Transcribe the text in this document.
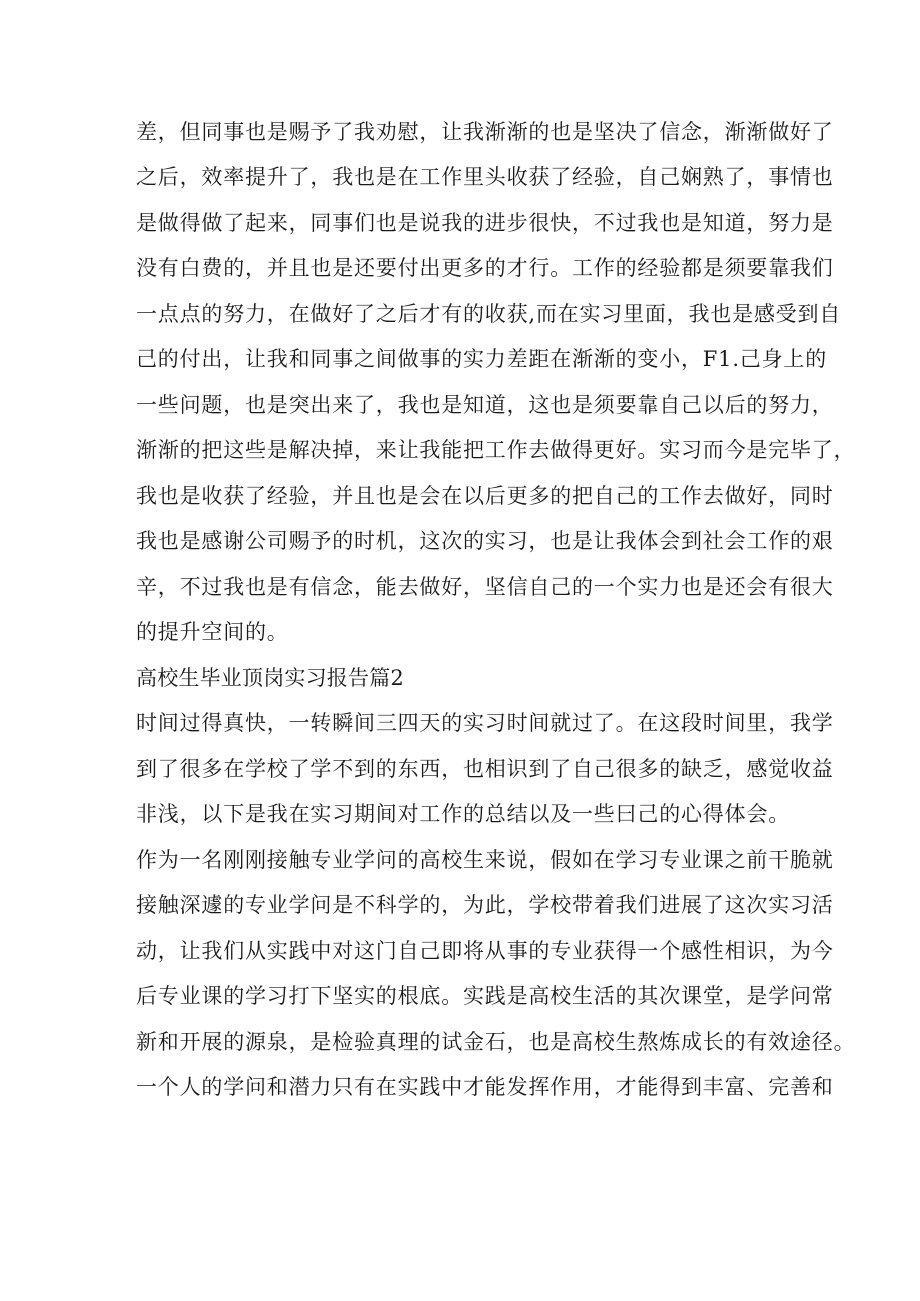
差，但同事也是赐予了我劝慰，让我渐渐的也是坚决了信念，渐渐做好了
之后，效率提升了，我也是在工作里头收获了经验，自己娴熟了，事情也
是做得做了起来，同事们也是说我的进步很快，不过我也是知道，努力是
没有白费的，并且也是还要付出更多的才行。工作的经验都是须要靠我们
一点点的努力，在做好了之后才有的收获,而在实习里面，我也是感受到自
己的付出，让我和同事之间做事的实力差距在渐渐的变小，F1.己身上的
一些问题，也是突出来了，我也是知道，这也是须要靠自己以后的努力，
渐渐的把这些是解决掉，来让我能把工作去做得更好。实习而今是完毕了，
我也是收获了经验，并且也是会在以后更多的把自己的工作去做好，同时
我也是感谢公司赐予的时机，这次的实习，也是让我体会到社会工作的艰
辛，不过我也是有信念，能去做好，坚信自己的一个实力也是还会有很大
的提升空间的。
高校生毕业顶岗实习报告篇2
时间过得真快，一转瞬间三四天的实习时间就过了。在这段时间里，我学
到了很多在学校了学不到的东西，也相识到了自己很多的缺乏，感觉收益
非浅，以下是我在实习期间对工作的总结以及一些曰己的心得体会。
作为一名刚刚接触专业学问的高校生来说，假如在学习专业课之前干脆就
接触深遽的专业学问是不科学的，为此，学校带着我们进展了这次实习活
动，让我们从实践中对这门自己即将从事的专业获得一个感性相识，为今
后专业课的学习打下坚实的根底。实践是高校生活的其次课堂，是学问常
新和开展的源泉，是检验真理的试金石，也是高校生熬炼成长的有效途径。
一个人的学问和潜力只有在实践中才能发挥作用，才能得到丰富、完善和
